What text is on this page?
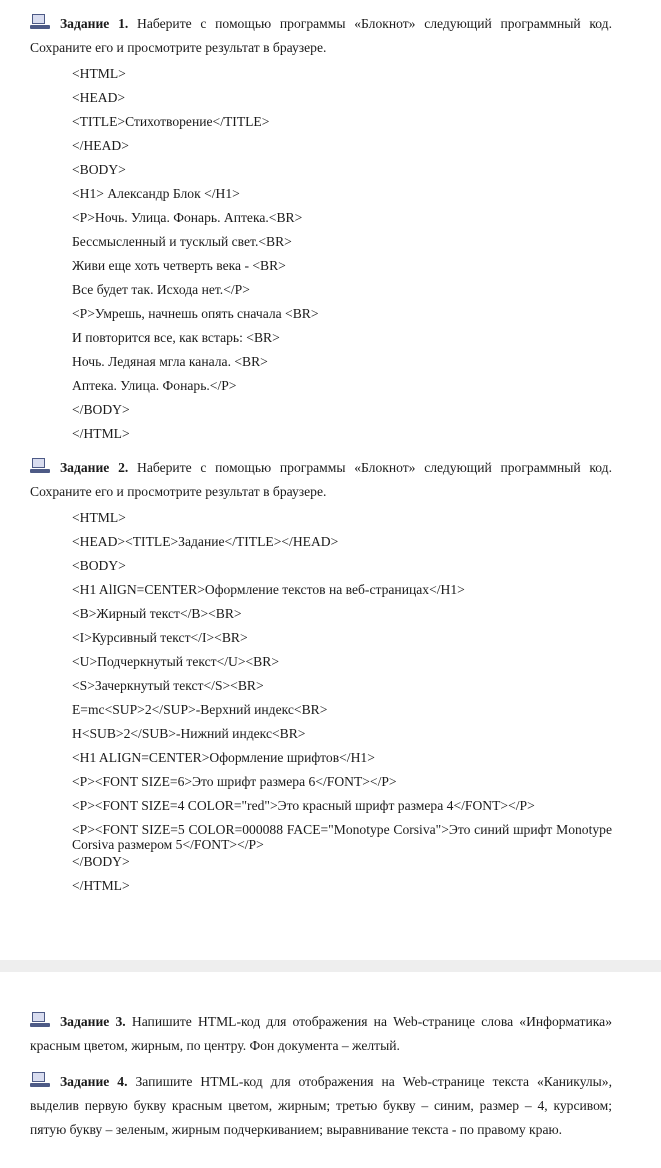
Задание 1. Наберите с помощью программы «Блокнот» следующий программный код. Сохраните его и просмотрите результат в браузере.

<HTML>
<HEAD>
<TITLE>Стихотворение</TITLE>
</HEAD>
<BODY>
<H1> Александр Блок </H1>
<P>Ночь. Улица. Фонарь. Аптека.<BR>
Бессмысленный и тусклый свет.<BR>
Живи еще хоть четверть века - <BR>
Все будет так. Исхода нет.</P>
<P>Умрешь, начнешь опять сначала <BR>
И повторится все, как встарь: <BR>
Ночь. Ледяная мгла канала. <BR>
Аптека. Улица. Фонарь.</P>
</BODY>
</HTML>

Задание 2. Наберите с помощью программы «Блокнот» следующий программный код. Сохраните его и просмотрите результат в браузере.

<HTML>
<HEAD><TITLE>Задание</TITLE></HEAD>
<BODY>
<H1 AlIGN=CENTER>Оформление текстов на веб-страницах</H1>
<B>Жирный текст</B><BR>
<I>Курсивный текст</I><BR>
<U>Подчеркнутый текст</U><BR>
<S>Зачеркнутый текст</S><BR>
E=mc<SUP>2</SUP>-Верхний индекс<BR>
H<SUB>2</SUB>-Нижний индекс<BR>
<H1 ALIGN=CENTER>Оформление шрифтов</H1>
<P><FONT SIZE=6>Это шрифт размера 6</FONT></P>
<P><FONT SIZE=4 COLOR="red">Это красный шрифт размера 4</FONT></P>
<P><FONT SIZE=5 COLOR=000088 FACE="Monotype Corsiva">Это синий шрифт Monotype Corsiva размером 5</FONT></P>
</BODY>
</HTML>

Задание 3. Напишите HTML-код для отображения на Web-странице слова «Информатика» красным цветом, жирным, по центру. Фон документа – желтый.

Задание 4. Запишите HTML-код для отображения на Web-странице текста «Каникулы», выделив первую букву красным цветом, жирным; третью букву – синим, размер – 4, курсивом; пятую букву – зеленым, жирным подчеркиванием; выравнивание текста - по правому краю.
